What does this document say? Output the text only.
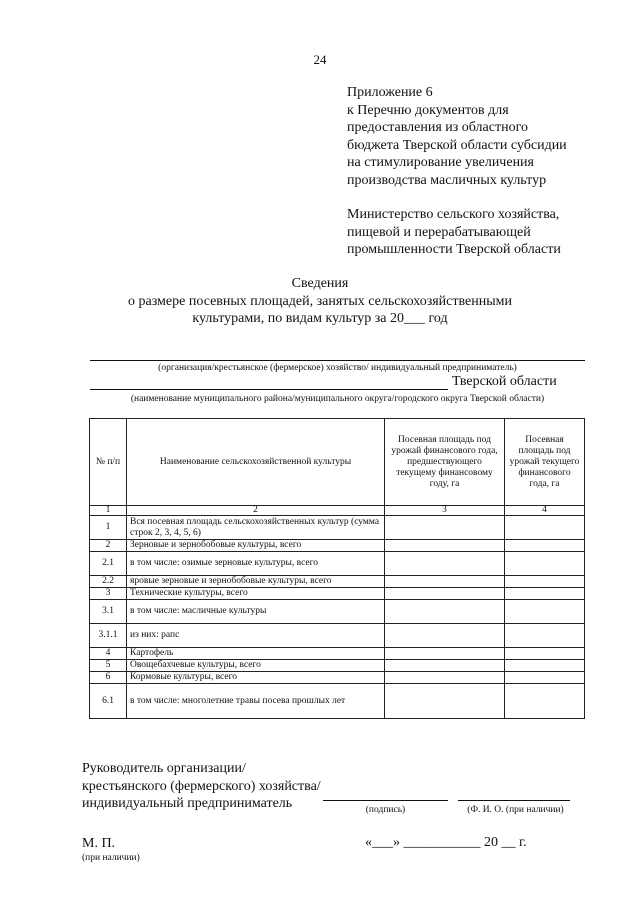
24
Приложение 6
к Перечню документов для
предоставления из областного
бюджета Тверской области субсидии
на стимулирование увеличения
производства масличных культур
Министерство сельского хозяйства,
пищевой и перерабатывающей
промышленности Тверской области
Сведения
о размере посевных площадей, занятых сельскохозяйственными
культурами, по видам культур за 20___ год
(организация/крестьянское (фермерское) хозяйство/ индивидуальный предприниматель)
Тверской области
(наименование муниципального района/муниципального округа/городского округа Тверской области)
№ п/п	Наименование сельскохозяйственной культуры	Посевная площадь под урожай финансового года, предшествующего текущему финансовому году, га	Посевная площадь под урожай текущего финансового года, га
1	2	3	4
1	Вся посевная площадь сельскохозяйственных культур (сумма строк 2, 3, 4, 5, 6)		
2	Зерновые и зернобобовые культуры, всего		
2.1	в том числе: озимые зерновые культуры, всего		
2.2	яровые зерновые и зернобобовые культуры, всего		
3	Технические культуры, всего		
3.1	в том числе: масличные культуры		
3.1.1	из них: рапс		
4	Картофель		
5	Овощебахчевые культуры, всего		
6	Кормовые культуры, всего		
6.1	в том числе: многолетние травы посева прошлых лет		
Руководитель организации/
крестьянского (фермерского) хозяйства/
индивидуальный предприниматель	(подпись)	(Ф. И. О. (при наличии)
М. П.
(при наличии)
«___» ___________ 20 __ г.
